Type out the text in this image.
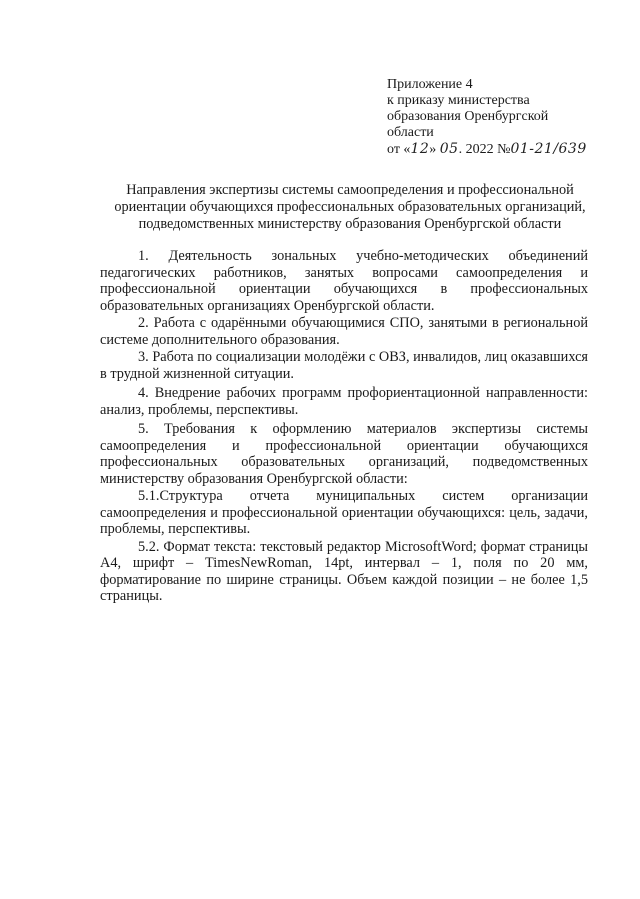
Приложение 4
к приказу министерства
образования Оренбургской
области
от «12» 05. 2022 №01-21/639
Направления экспертизы системы самоопределения и профессиональной
ориентации обучающихся профессиональных образовательных организаций,
подведомственных министерству образования Оренбургской области

1. Деятельность зональных учебно-методических объединений педагогических работников, занятых вопросами самоопределения и профессиональной ориентации обучающихся в профессиональных образовательных организациях Оренбургской области.

2. Работа с одарёнными обучающимися СПО, занятыми в региональной системе дополнительного образования.

3. Работа по социализации молодёжи с ОВЗ, инвалидов, лиц оказавшихся в трудной жизненной ситуации.

4. Внедрение рабочих программ профориентационной направленности: анализ, проблемы, перспективы.

5. Требования к оформлению материалов экспертизы системы самоопределения и профессиональной ориентации обучающихся профессиональных образовательных организаций, подведомственных министерству образования Оренбургской области:

5.1.Структура отчета муниципальных систем организации самоопределения и профессиональной ориентации обучающихся: цель, задачи, проблемы, перспективы.

5.2. Формат текста: текстовый редактор MicrosoftWord; формат страницы А4, шрифт – TimesNewRoman, 14pt, интервал – 1, поля по 20 мм, форматирование по ширине страницы. Объем каждой позиции – не более 1,5 страницы.
